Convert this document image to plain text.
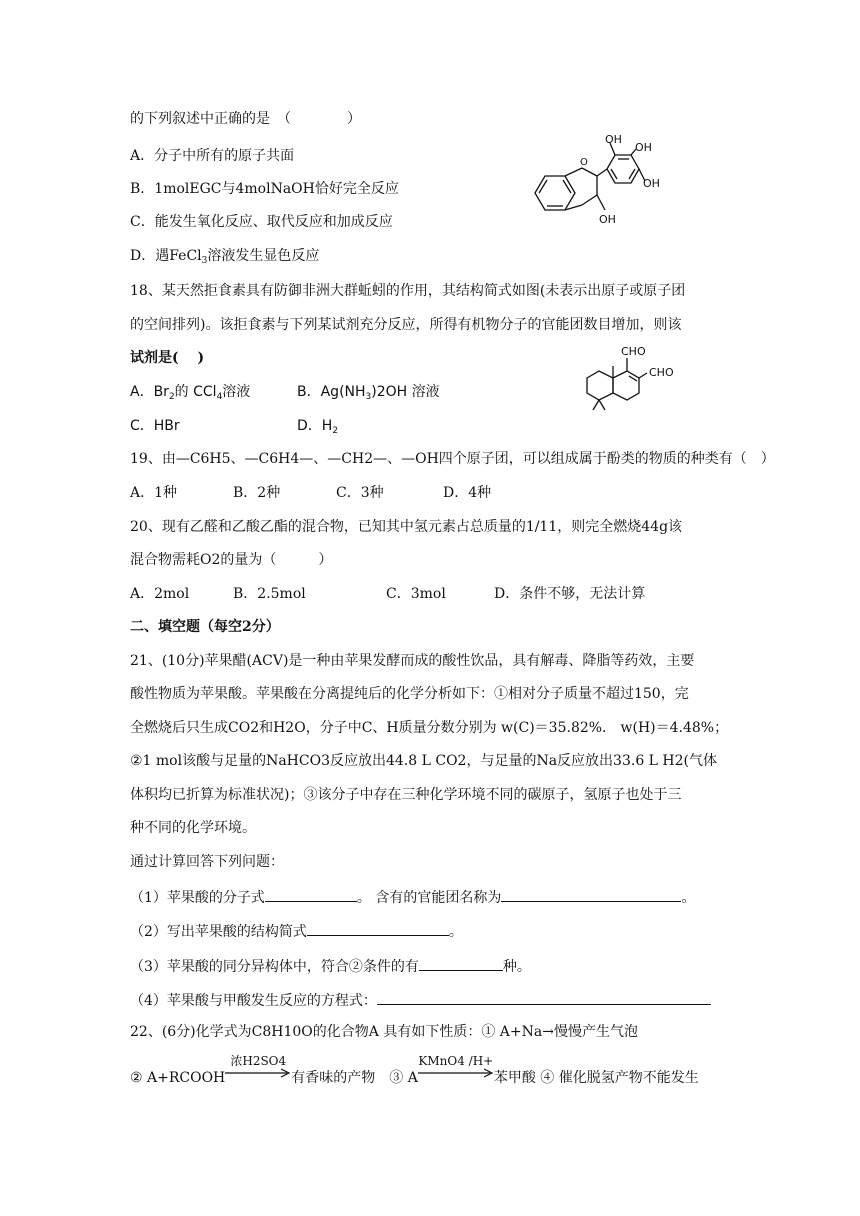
的下列叙述中正确的是　（　　　　）
A．分子中所有的原子共面
B．1molEGC与4molNaOH恰好完全反应
C．能发生氧化反应、取代反应和加成反应
D．遇FeCl$_3$溶液发生显色反应
O
OH
OH
OH
OH
18、某天然拒食素具有防御非洲大群蚯蚓的作用，其结构简式如图(未表示出原子或原子团
的空间排列)。该拒食素与下列某试剂充分反应，所得有机物分子的官能团数目增加，则该
试剂是(　 )
A．$Br_2$的 CCl$_4$溶液	B．$Ag(NH_3)2OH$ 溶液
C．HBr	D．$H_2$
CHO
CHO
19、由—C6H5、—C6H4—、—CH2—、—OH四个原子团，可以组成属于酚类的物质的种类有（　）
A．1种	B．2种	C．3种	D．4种
20、现有乙醛和乙酸乙酯的混合物，已知其中氢元素占总质量的1/11，则完全燃烧44g该
混合物需耗O2的量为（　　　）
A．2mol	B．2.5mol	C．3mol	D．条件不够，无法计算
二、填空题（每空2分）
21、(10分)苹果醋(ACV)是一种由苹果发酵而成的酸性饮品，具有解毒、降脂等药效，主要
酸性物质为苹果酸。苹果酸在分离提纯后的化学分析如下：①相对分子质量不超过150，完
全燃烧后只生成CO2和H2O，分子中C、H质量分数分别为 w(C)＝35.82%． w(H)＝4.48%；
②1 mol该酸与足量的NaHCO3反应放出44.8 L CO2，与足量的Na反应放出33.6 L H2(气体
体积均已折算为标准状况)；③该分子中存在三种化学环境不同的碳原子，氢原子也处于三
种不同的化学环境。
通过计算回答下列问题：
（1）苹果酸的分子式	。 含有的官能团名称为	。
（2）写出苹果酸的结构简式	。
（3）苹果酸的同分异构体中，符合②条件的有	种。
（4）苹果酸与甲酸发生反应的方程式：
22、(6分)化学式为C8H10O的化合物A 具有如下性质：① A+Na→慢慢产生气泡
② A+RCOOH
浓H2SO4
有香味的产物　③ A
KMnO4 /H+
苯甲酸 ④ 催化脱氢产物不能发生
